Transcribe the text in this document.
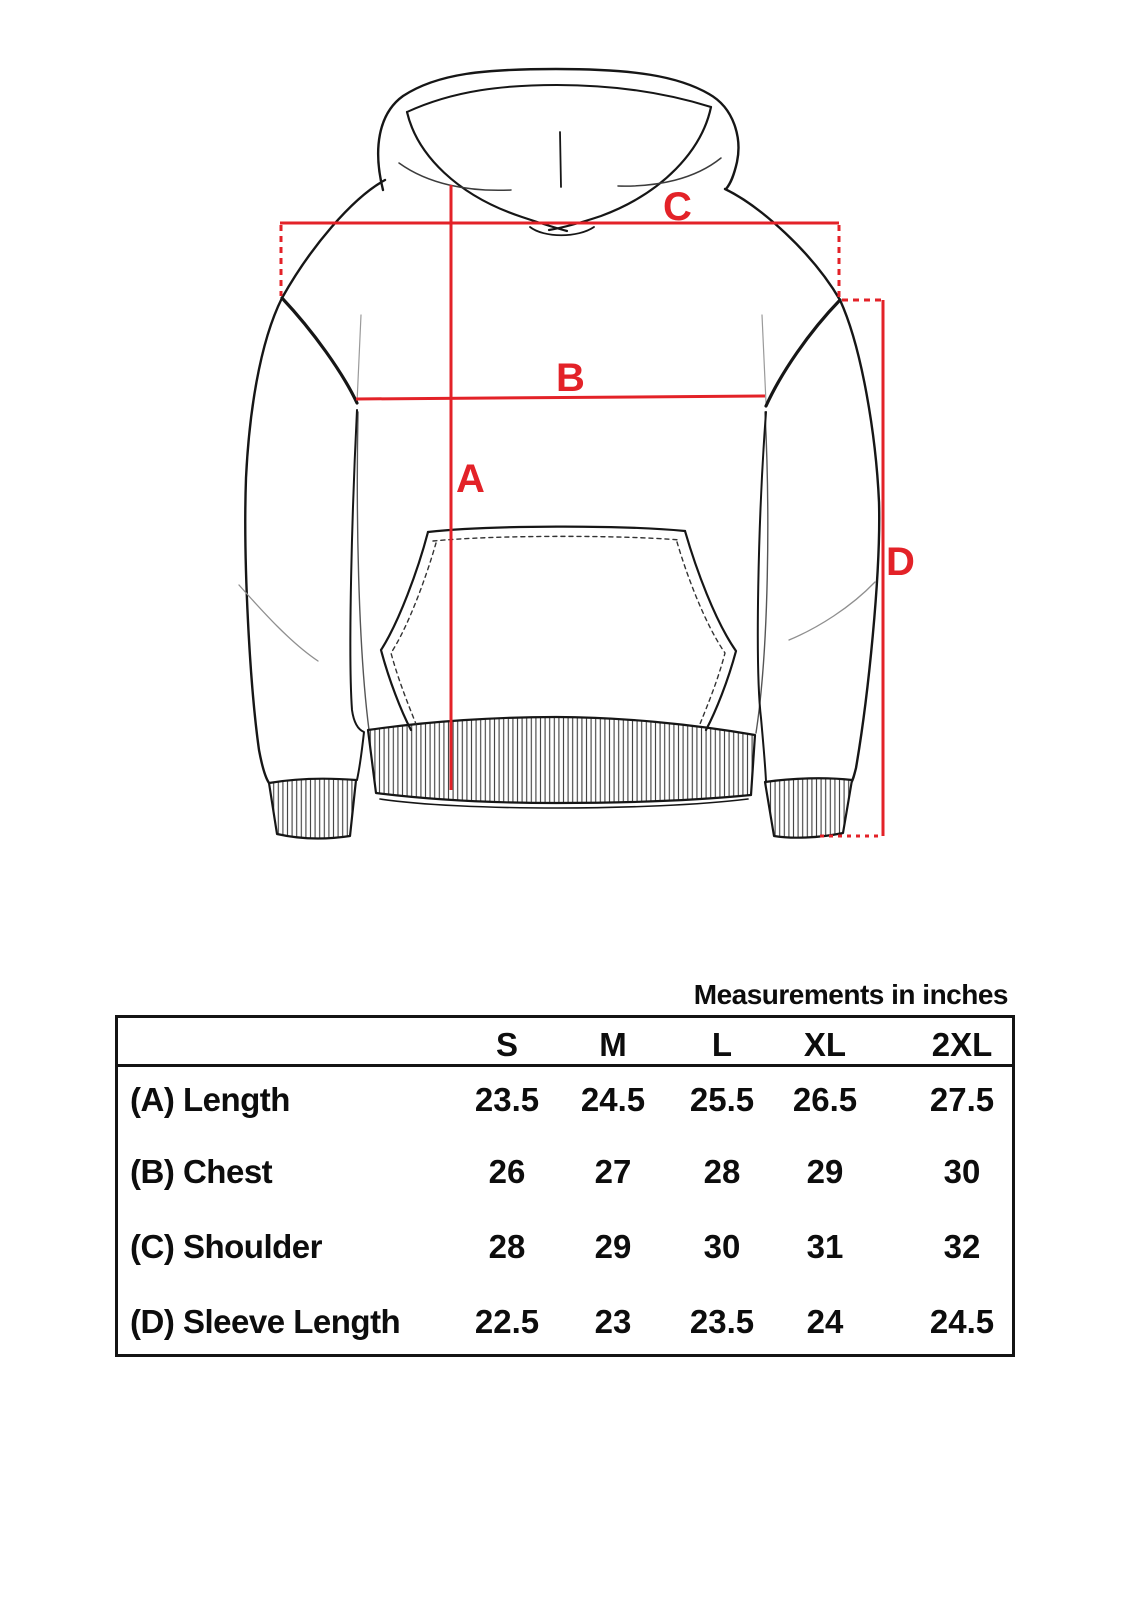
A
B
C
D
Measurements in inches
S M	L XL	2XL
(A) Length	23.5 24.5 25.5 26.5 27.5
(B) Chest	26 27 28 29	30
(C) Shoulder	28 29 30 31	32
(D) Sleeve Length 22.5 23 23.5 24	24.5
